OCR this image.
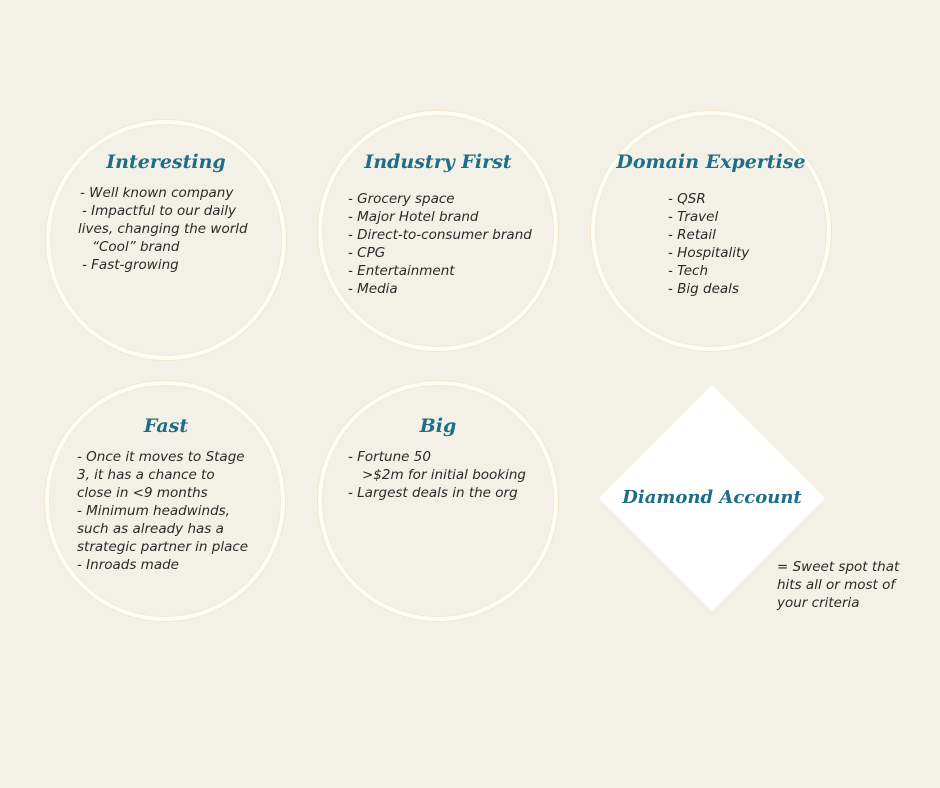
Interesting
- Well known company
- Impactful to our daily
lives, changing the world
“Cool” brand
- Fast-growing
Industry First
- Grocery space
- Major Hotel brand
- Direct-to-consumer brand
- CPG
- Entertainment
- Media
Domain Expertise
- QSR
- Travel
- Retail
- Hospitality
- Tech
- Big deals
Fast
- Once it moves to Stage
3, it has a chance to
close in <9 months
- Minimum headwinds,
such as already has a
strategic partner in place
- Inroads made
Big
- Fortune 50
>$2m for initial booking
- Largest deals in the org	Diamond Account
= Sweet spot that
hits all or most of
your criteria
